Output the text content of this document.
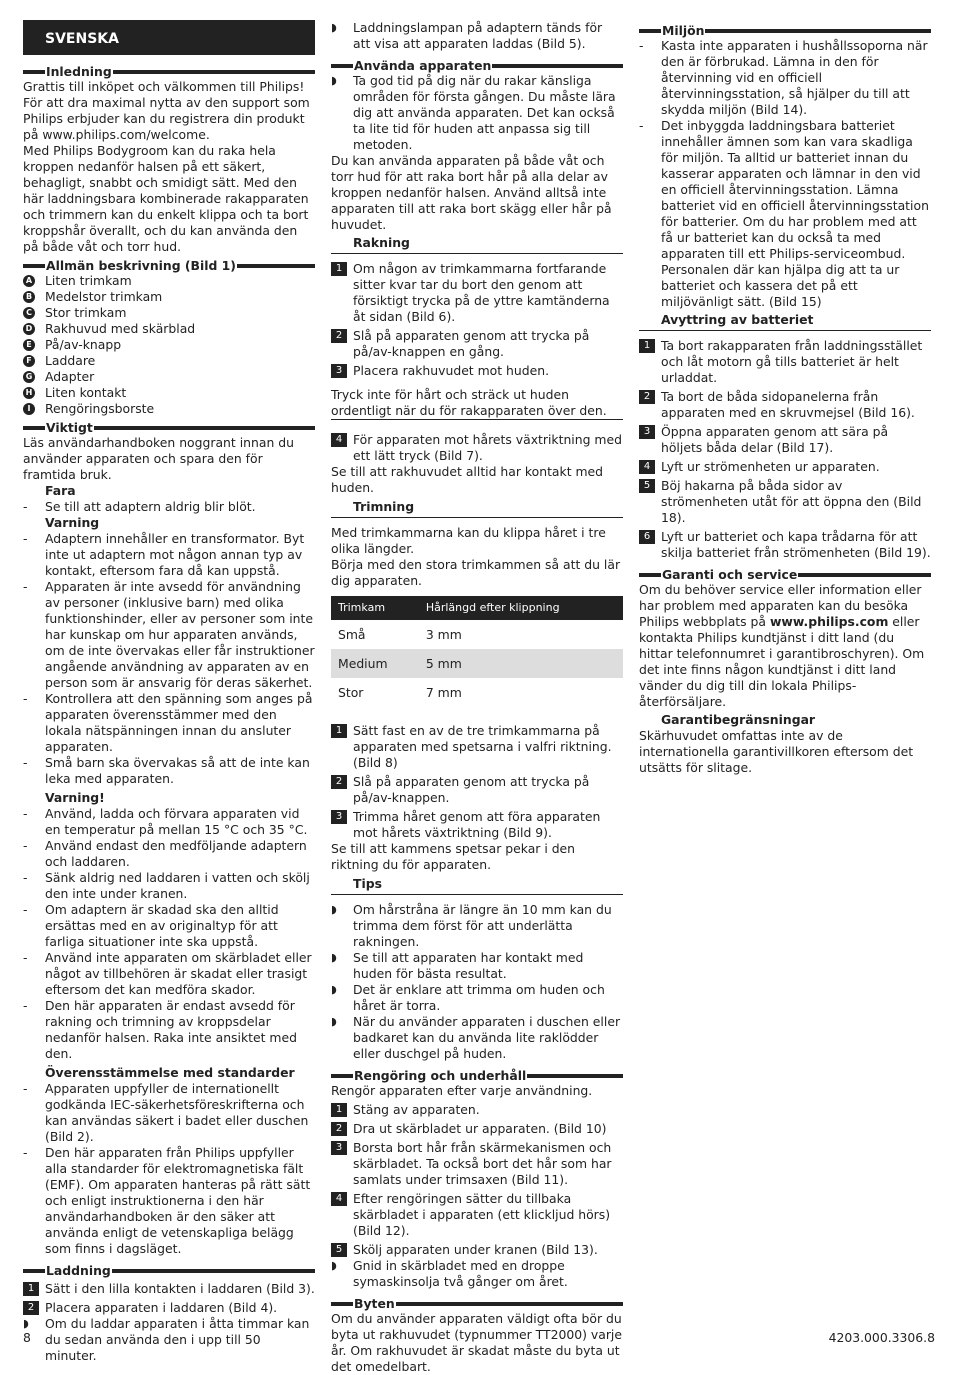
SVENSKA
Inledning

Grattis till inköpet och välkommen till Philips! För att dra maximal nytta av den support som Philips erbjuder kan du registrera din produkt på www.philips.com/welcome.

Med Philips Bodygroom kan du raka hela kroppen nedanför halsen på ett säkert, behagligt, snabbt och smidigt sätt. Med den här laddningsbara kombinerade rakapparaten och trimmern kan du enkelt klippa och ta bort kroppshår överallt, och du kan använda den på både våt och torr hud.

Allmän beskrivning (Bild 1)
A Liten trimkam
B Medelstor trimkam
C Stor trimkam
D Rakhuvud med skärblad
E På/av-knapp
F Laddare
G Adapter
H Liten kontakt
I	Rengöringsborste
Viktigt

Läs användarhandboken noggrant innan du använder apparaten och spara den för framtida bruk.

Fara

- Se till att adaptern aldrig blir blöt.

Varning

- Adaptern innehåller en transformator. Byt inte ut adaptern mot någon annan typ av kontakt, eftersom fara då kan uppstå.
- Apparaten är inte avsedd för användning av personer (inklusive barn) med olika funktionshinder, eller av personer som inte har kunskap om hur apparaten används, om de inte övervakas eller får instruktioner angående användning av apparaten av en person som är ansvarig för deras säkerhet.
- Kontrollera att den spänning som anges på apparaten överensstämmer med den lokala nätspänningen innan du ansluter apparaten.
- Små barn ska övervakas så att de inte kan leka med apparaten.

Varning!

- Använd, ladda och förvara apparaten vid en temperatur på mellan 15 °C och 35 °C.
- Använd endast den medföljande adaptern och laddaren.
- Sänk aldrig ned laddaren i vatten och skölj den inte under kranen.
- Om adaptern är skadad ska den alltid ersättas med en av originaltyp för att farliga situationer inte ska uppstå.
- Använd inte apparaten om skärbladet eller något av tillbehören är skadat eller trasigt eftersom det kan medföra skador.
- Den här apparaten är endast avsedd för rakning och trimning av kroppsdelar nedanför halsen. Raka inte ansiktet med den.

Överensstämmelse med standarder

- Apparaten uppfyller de internationellt godkända IEC-säkerhetsföreskrifterna och kan användas säkert i badet eller duschen (Bild 2).
- Den här apparaten från Philips uppfyller alla standarder för elektromagnetiska fält (EMF). Om apparaten hanteras på rätt sätt och enligt instruktionerna i den här användarhandboken är den säker att använda enligt de vetenskapliga belägg som finns i dagsläget.
Laddning
1 Sätt i den lilla kontakten i laddaren (Bild 3).
2 Placera apparaten i laddaren (Bild 4).
◗ Om du laddar apparaten i åtta timmar kan du sedan använda den i upp till 50 minuter.
◗ Laddningslampan på adaptern tänds för att visa att apparaten laddas (Bild 5).
Använda apparaten
◗ Ta god tid på dig när du rakar känsliga områden för första gången. Du måste lära dig att använda apparaten. Det kan också ta lite tid för huden att anpassa sig till metoden.

Du kan använda apparaten på både våt och torr hud för att raka bort hår på alla delar av kroppen nedanför halsen. Använd alltså inte apparaten till att raka bort skägg eller hår på huvudet.

Rakning
1 Om någon av trimkammarna fortfarande sitter kvar tar du bort den genom att försiktigt trycka på de yttre kamtänderna åt sidan (Bild 6).
2 Slå på apparaten genom att trycka på på/av-knappen en gång.
3 Placera rakhuvudet mot huden.
Tryck inte för hårt och sträck ut huden ordentligt när du för rakapparaten över den.
4 För apparaten mot hårets växtriktning med ett lätt tryck (Bild 7).

Se till att rakhuvudet alltid har kontakt med huden.

Trimning

Med trimkammarna kan du klippa håret i tre olika längder.

Börja med den stora trimkammen så att du lär dig apparaten.

Trimkam	Hårlängd efter klippning
Små	3 mm
Medium	5 mm
Stor	7 mm
1 Sätt fast en av de tre trimkammarna på apparaten med spetsarna i valfri riktning. (Bild 8)
2 Slå på apparaten genom att trycka på på/av-knappen.
3 Trimma håret genom att föra apparaten mot hårets växtriktning (Bild 9).

Se till att kammens spetsar pekar i den riktning du för apparaten.

Tips
◗ Om hårstråna är längre än 10 mm kan du trimma dem först för att underlätta rakningen.
◗ Se till att apparaten har kontakt med huden för bästa resultat.
◗ Det är enklare att trimma om huden och håret är torra.
◗ När du använder apparaten i duschen eller badkaret kan du använda lite raklödder eller duschgel på huden.
Rengöring och underhåll

Rengör apparaten efter varje användning.

1 Stäng av apparaten.
2 Dra ut skärbladet ur apparaten. (Bild 10)
3 Borsta bort hår från skärmekanismen och skärbladet. Ta också bort det hår som har samlats under trimsaxen (Bild 11).
4 Efter rengöringen sätter du tillbaka skärbladet i apparaten (ett klickljud hörs) (Bild 12).
5 Skölj apparaten under kranen (Bild 13).
◗ Gnid in skärbladet med en droppe symaskinsolja två gånger om året.
Byten

Om du använder apparaten väldigt ofta bör du byta ut rakhuvudet (typnummer TT2000) varje år. Om rakhuvudet är skadat måste du byta ut det omedelbart.

Miljön
- Kasta inte apparaten i hushållssoporna när den är förbrukad. Lämna in den för återvinning vid en officiell återvinningsstation, så hjälper du till att skydda miljön (Bild 14).
- Det inbyggda laddningsbara batteriet innehåller ämnen som kan vara skadliga för miljön. Ta alltid ur batteriet innan du kasserar apparaten och lämnar in den vid en officiell återvinningsstation. Lämna batteriet vid en officiell återvinningsstation för batterier. Om du har problem med att få ur batteriet kan du också ta med apparaten till ett Philips-serviceombud. Personalen där kan hjälpa dig att ta ur batteriet och kassera det på ett miljövänligt sätt. (Bild 15)
Avyttring av batteriet
1 Ta bort rakapparaten från laddningsstället och låt motorn gå tills batteriet är helt urladdat.
2 Ta bort de båda sidopanelerna från apparaten med en skruvmejsel (Bild 16).
3 Öppna apparaten genom att sära på höljets båda delar (Bild 17).
4 Lyft ur strömenheten ur apparaten.
5 Böj hakarna på båda sidor av strömenheten utåt för att öppna den (Bild 18).
6 Lyft ur batteriet och kapa trådarna för att skilja batteriet från strömenheten (Bild 19).
Garanti och service

Om du behöver service eller information eller har problem med apparaten kan du besöka Philips webbplats på www.philips.com eller kontakta Philips kundtjänst i ditt land (du hittar telefonnumret i garantibroschyren). Om det inte finns någon kundtjänst i ditt land vänder du dig till din lokala Philips-återförsäljare.

Garantibegränsningar

Skärhuvudet omfattas inte av de internationella garantivillkoren eftersom det utsätts för slitage.

8	4203.000.3306.8
